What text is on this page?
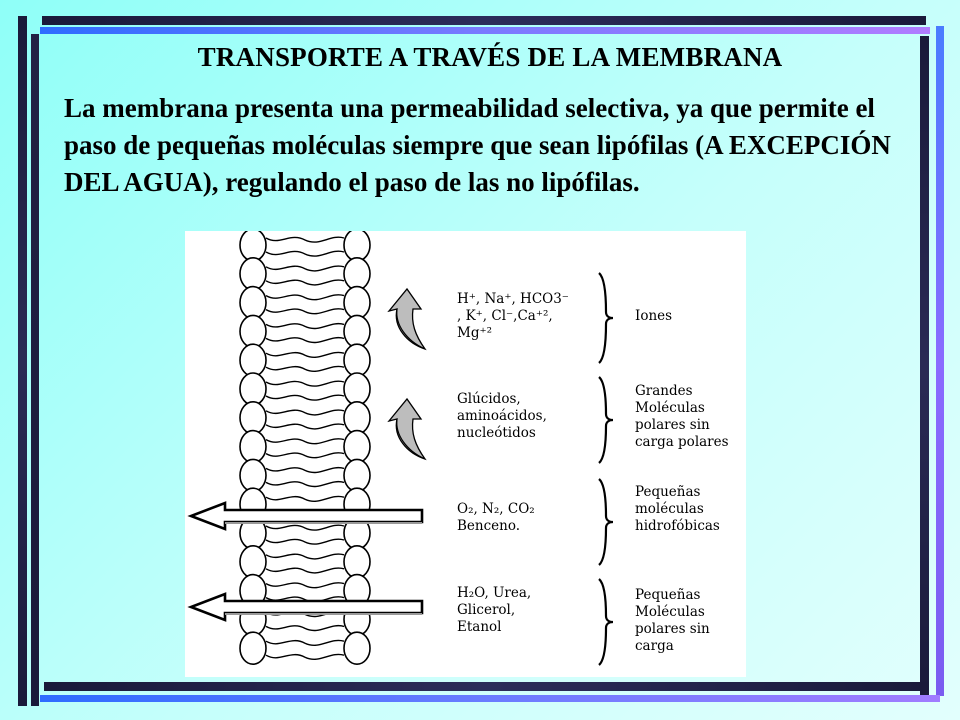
TRANSPORTE A TRAVÉS DE LA MEMBRANA
La membrana presenta una permeabilidad selectiva, ya que permite el paso de pequeñas moléculas siempre que sean lipófilas (A EXCEPCIÓN DEL AGUA), regulando el paso de las no lipófilas.
H⁺, Na⁺, HCO3⁻
, K⁺, Cl⁻,Ca⁺²,
Mg⁺²
Iones
Glúcidos,
aminoácidos,
nucleótidos
Grandes Moléculas polares sin carga polares
O₂, N₂, CO₂
Benceno.
Pequeñas moléculas hidrofóbicas
H₂O, Urea,
Glicerol,
Etanol
Pequeñas Moléculas polares sin carga
